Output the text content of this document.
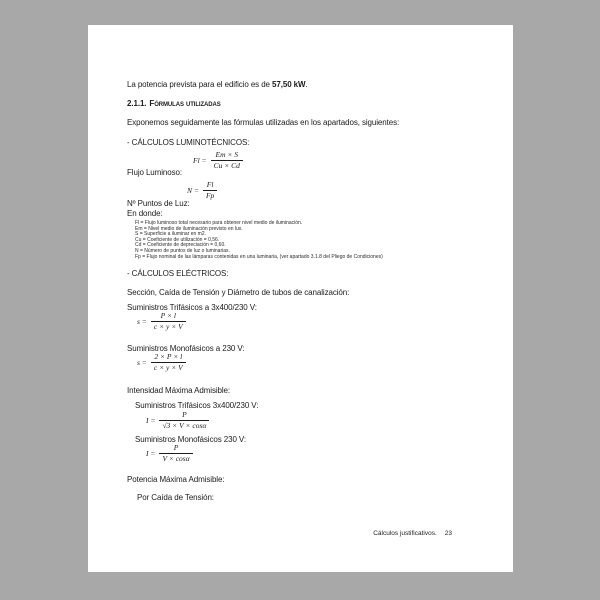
La potencia prevista para el edificio es de 57,50 kW.
2.1.1. Fórmulas utilizadas
Exponemos seguidamente las fórmulas utilizadas en los apartados, siguientes:
- CÁLCULOS LUMINOTÉCNICOS:
Flujo Luminoso:
$Fl = \frac{Em \times S}{Cu \times Cd}$
Nº Puntos de Luz:
$N = \frac{Fl}{Fp}$
En donde:
Fl = Flujo luminoso total necesario para obtener nivel medio de iluminación.
Em = Nivel medio de iluminación previsto en lux.
S = Superficie a iluminar en m2.
Cu = Coeficiente de utilización = 0,56.
Cd = Coeficiente de depreciación = 0,60.
N = Número de puntos de luz o luminarias.
Fp = Flujo nominal de las lámparas contenidas en una luminaria, (ver apartado 3.1.8 del Pliego de Condiciones)
- CÁLCULOS ELÉCTRICOS:
Sección, Caída de Tensión y Diámetro de tubos de canalización:
Suministros Trifásicos a 3x400/230 V:
$s = \frac{P \times l}{c \times y \times V}$
Suministros Monofásicos a 230 V:
$s = \frac{2 \times P \times l}{c \times y \times V}$
Intensidad Máxima Admisible:
Suministros Trifásicos 3x400/230 V:
$I = \frac{P}{√3 \times V \times \cos\alpha}$
Suministros Monofásicos 230 V:
$I = \frac{P}{V \times \cos\alpha}$
Potencia Máxima Admisible:
Por Caída de Tensión:
Cálculos justificativos. 23
